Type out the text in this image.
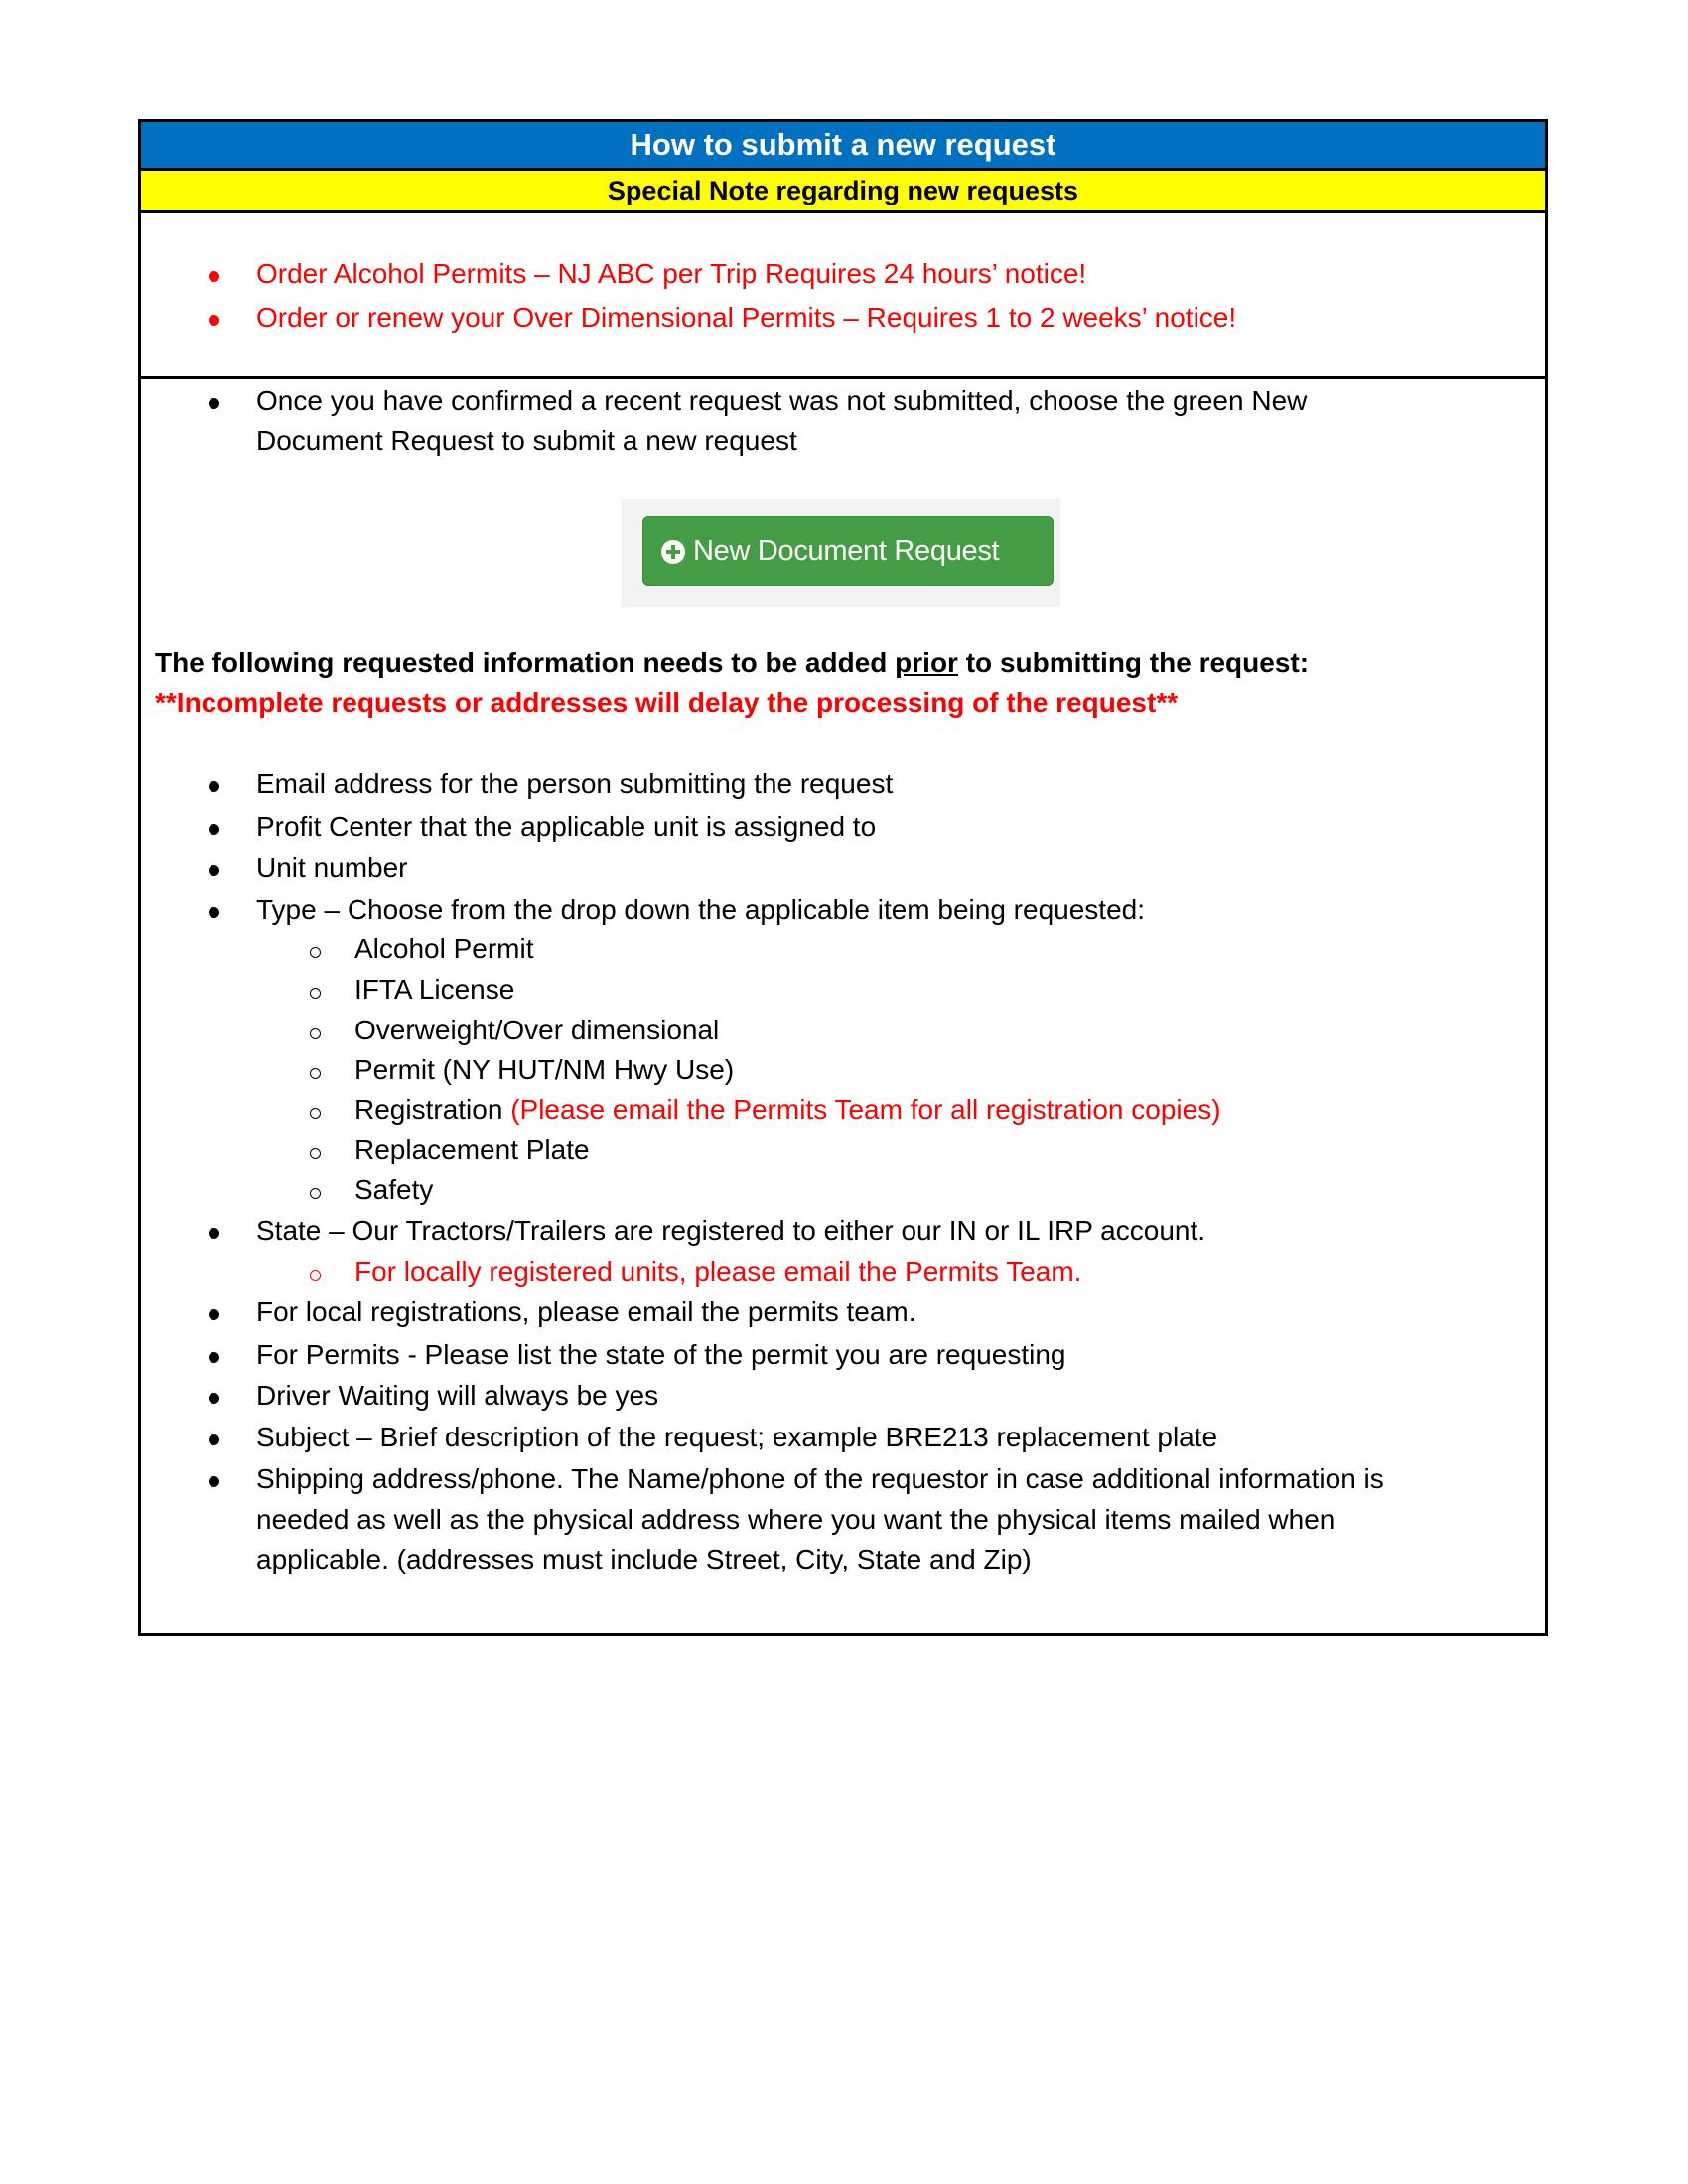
How to submit a new request
Special Note regarding new requests
Order Alcohol Permits – NJ ABC per Trip Requires 24 hours’ notice!
Order or renew your Over Dimensional Permits – Requires 1 to 2 weeks’ notice!
Once you have confirmed a recent request was not submitted, choose the green New
Document Request to submit a new request
New Document Request
The following requested information needs to be added prior to submitting the request:
**Incomplete requests or addresses will delay the processing of the request**
Email address for the person submitting the request
Profit Center that the applicable unit is assigned to
Unit number
Type – Choose from the drop down the applicable item being requested:
Alcohol Permit
IFTA License
Overweight/Over dimensional
Permit (NY HUT/NM Hwy Use)
Registration (Please email the Permits Team for all registration copies)
Replacement Plate
Safety
State – Our Tractors/Trailers are registered to either our IN or IL IRP account.
For locally registered units, please email the Permits Team.
For local registrations, please email the permits team.
For Permits - Please list the state of the permit you are requesting
Driver Waiting will always be yes
Subject – Brief description of the request; example BRE213 replacement plate
Shipping address/phone. The Name/phone of the requestor in case additional information is
needed as well as the physical address where you want the physical items mailed when
applicable. (addresses must include Street, City, State and Zip)
